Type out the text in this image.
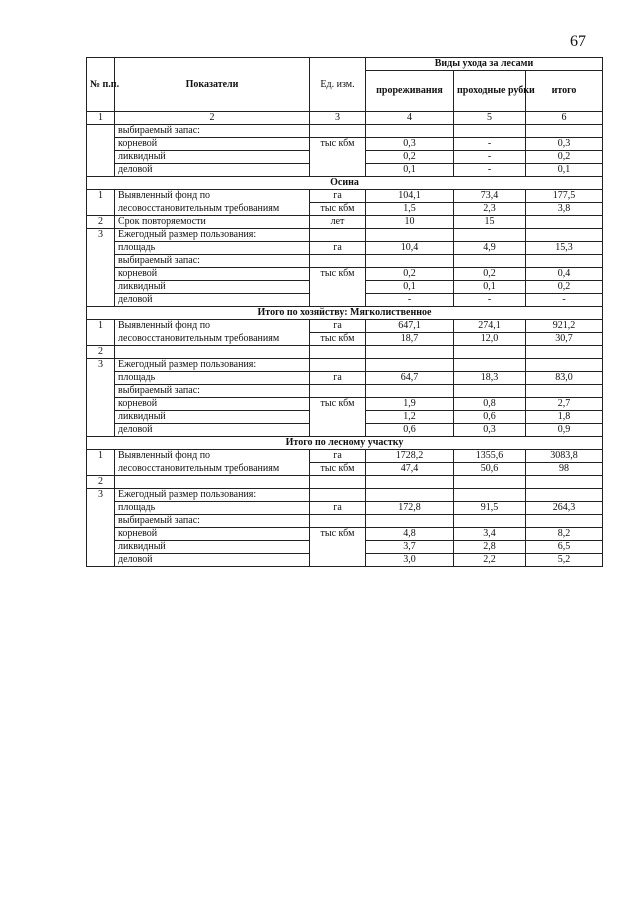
67
№ п.п.	Показатели	Ед. изм.	Виды ухода за лесами		
			прореживания	проходные рубки	итого
1	2	3	4	5	6
	выбираемый запас:				
	корневой	тыс кбм	0,3	-	0,3
	ликвидный		0,2	-	0,2
	деловой		0,1	-	0,1
Осина					
1	Выявленный фонд по	га	104,1	73,4	177,5
	лесовосстановительным требованиям	тыс кбм	1,5	2,3	3,8
2	Срок повторяемости	лет	10	15	
3	Ежегодный размер пользования:				
	площадь	га	10,4	4,9	15,3
	выбираемый запас:				
	корневой	тыс кбм	0,2	0,2	0,4
	ликвидный		0,1	0,1	0,2
	деловой		-	-	-
Итого по хозяйству: Мягколиственное					
1	Выявленный фонд по	га	647,1	274,1	921,2
	лесовосстановительным требованиям	тыс кбм	18,7	12,0	30,7
2					
3	Ежегодный размер пользования:				
	площадь	га	64,7	18,3	83,0
	выбираемый запас:				
	корневой	тыс кбм	1,9	0,8	2,7
	ликвидный		1,2	0,6	1,8
	деловой		0,6	0,3	0,9
Итого по лесному участку					
1	Выявленный фонд по	га	1728,2	1355,6	3083,8
	лесовосстановительным требованиям	тыс кбм	47,4	50,6	98
2					
3	Ежегодный размер пользования:				
	площадь	га	172,8	91,5	264,3
	выбираемый запас:				
	корневой	тыс кбм	4,8	3,4	8,2
	ликвидный		3,7	2,8	6,5
	деловой		3,0	2,2	5,2
